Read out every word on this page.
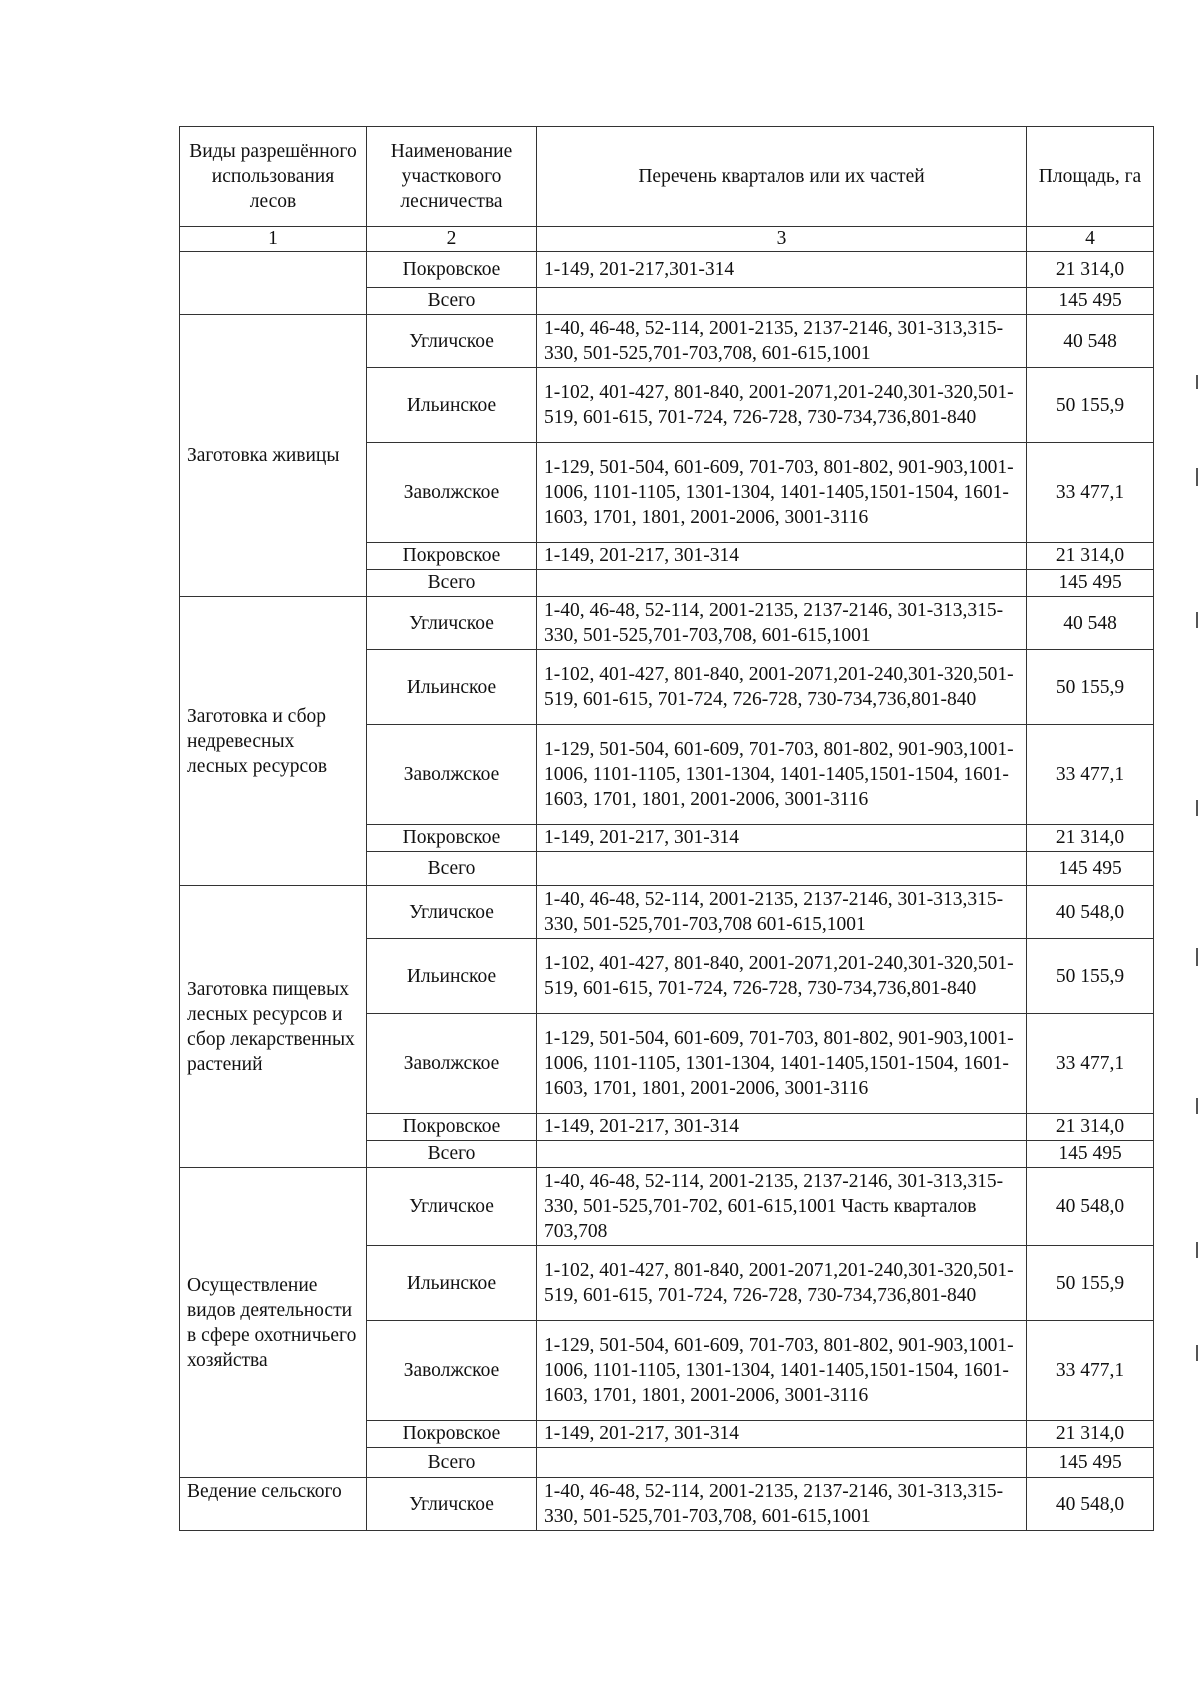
Виды разрешённого использования лесов	Наименование участкового лесничества	Перечень кварталов или их частей	Площадь, га
1	2	3	4
	Покровское	1-149, 201-217,301-314	21 314,0
	Всего		145 495
Заготовка живицы	Угличское	1-40, 46-48, 52-114, 2001-2135, 2137-2146, 301-313,315-330, 501-525,701-703,708, 601-615,1001	40 548
	Ильинское	1-102, 401-427, 801-840, 2001-2071,201-240,301-320,501-519, 601-615, 701-724, 726-728, 730-734,736,801-840	50 155,9
	Заволжское	1-129, 501-504, 601-609, 701-703, 801-802, 901-903,1001-1006, 1101-1105, 1301-1304, 1401-1405,1501-1504, 1601-1603, 1701, 1801, 2001-2006, 3001-3116	33 477,1
	Покровское	1-149, 201-217, 301-314	21 314,0
	Всего		145 495
Заготовка и сбор недревесных лесных ресурсов	Угличское	1-40, 46-48, 52-114, 2001-2135, 2137-2146, 301-313,315-330, 501-525,701-703,708, 601-615,1001	40 548
	Ильинское	1-102, 401-427, 801-840, 2001-2071,201-240,301-320,501-519, 601-615, 701-724, 726-728, 730-734,736,801-840	50 155,9
	Заволжское	1-129, 501-504, 601-609, 701-703, 801-802, 901-903,1001-1006, 1101-1105, 1301-1304, 1401-1405,1501-1504, 1601-1603, 1701, 1801, 2001-2006, 3001-3116	33 477,1
	Покровское	1-149, 201-217, 301-314	21 314,0
	Всего		145 495
Заготовка пищевых лесных ресурсов и сбор лекарственных растений	Угличское	1-40, 46-48, 52-114, 2001-2135, 2137-2146, 301-313,315-330, 501-525,701-703,708 601-615,1001	40 548,0
	Ильинское	1-102, 401-427, 801-840, 2001-2071,201-240,301-320,501-519, 601-615, 701-724, 726-728, 730-734,736,801-840	50 155,9
	Заволжское	1-129, 501-504, 601-609, 701-703, 801-802, 901-903,1001-1006, 1101-1105, 1301-1304, 1401-1405,1501-1504, 1601-1603, 1701, 1801, 2001-2006, 3001-3116	33 477,1
	Покровское	1-149, 201-217, 301-314	21 314,0
	Всего		145 495
Осуществление видов деятельности в сфере охотничьего хозяйства	Угличское	1-40, 46-48, 52-114, 2001-2135, 2137-2146, 301-313,315-330, 501-525,701-702, 601-615,1001 Часть кварталов 703,708	40 548,0
	Ильинское	1-102, 401-427, 801-840, 2001-2071,201-240,301-320,501-519, 601-615, 701-724, 726-728, 730-734,736,801-840	50 155,9
	Заволжское	1-129, 501-504, 601-609, 701-703, 801-802, 901-903,1001-1006, 1101-1105, 1301-1304, 1401-1405,1501-1504, 1601-1603, 1701, 1801, 2001-2006, 3001-3116	33 477,1
	Покровское	1-149, 201-217, 301-314	21 314,0
	Всего		145 495
Ведение сельского	Угличское	1-40, 46-48, 52-114, 2001-2135, 2137-2146, 301-313,315-330, 501-525,701-703,708, 601-615,1001	40 548,0
